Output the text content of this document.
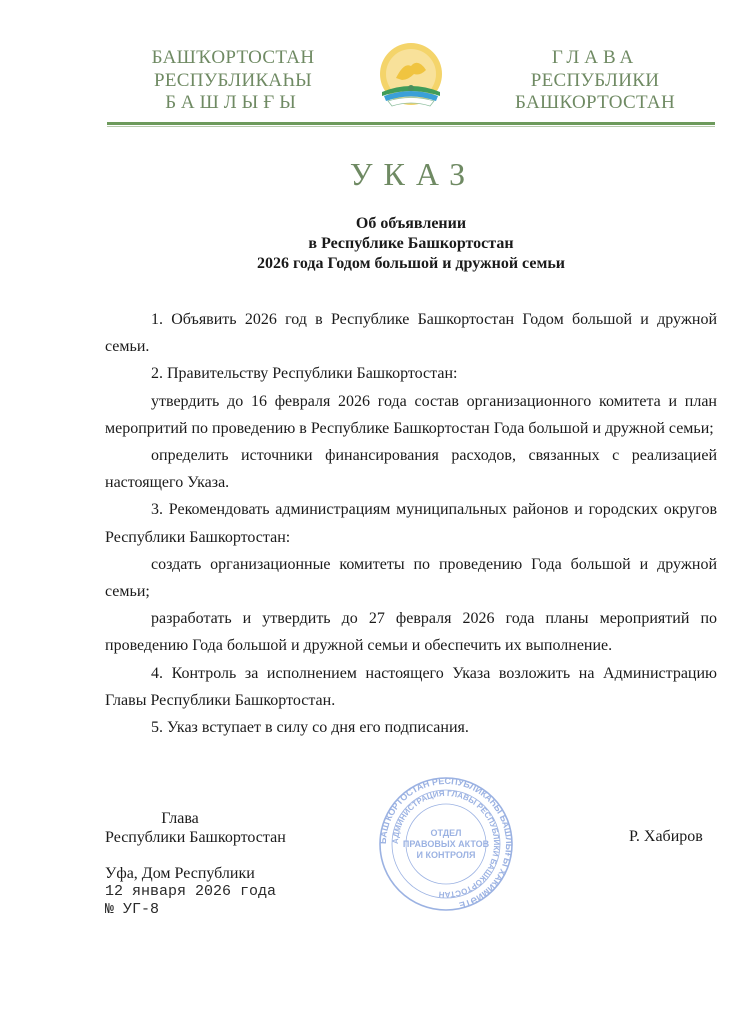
БАШҠОРТОСТАН
РЕСПУБЛИКАҺЫ
БАШЛЫҒЫ
ГЛАВА
РЕСПУБЛИКИ
БАШКОРТОСТАН
УКАЗ
Об объявлении
в Республике Башкортостан
2026 года Годом большой и дружной семьи

1. Объявить 2026 год в Республике Башкортостан Годом большой и дружной семьи.

2. Правительству Республики Башкортостан:

утвердить до 16 февраля 2026 года состав организационного комитета и план меропритий по проведению в Республике Башкортостан Года большой и дружной семьи;

определить источники финансирования расходов, связанных с реализацией настоящего Указа.

3. Рекомендовать администрациям муниципальных районов и городских округов Республики Башкортостан:

создать организационные комитеты по проведению Года большой и дружной семьи;

разработать и утвердить до 27 февраля 2026 года планы мероприятий по проведению Года большой и дружной семьи и обеспечить их выполнение.

4. Контроль за исполнением настоящего Указа возложить на Администрацию Главы Республики Башкортостан.

5. Указ вступает в силу со дня его подписания.

Глава
Республики Башкортостан	БАШҠОРТОСТАН РЕСПУБЛИКАҺЫ БАШЛЫҒЫ ХАКИМИӘТЕ
АДМИНИСТРАЦИЯ ГЛАВЫ РЕСПУБЛИКИ БАШКОРТОСТАН
ОТДЕЛ
ПРАВОВЫХ АКТОВ
И КОНТРОЛЯ
Р. Хабиров
Уфа, Дом Республики
12 января 2026 года
№ УГ-8
